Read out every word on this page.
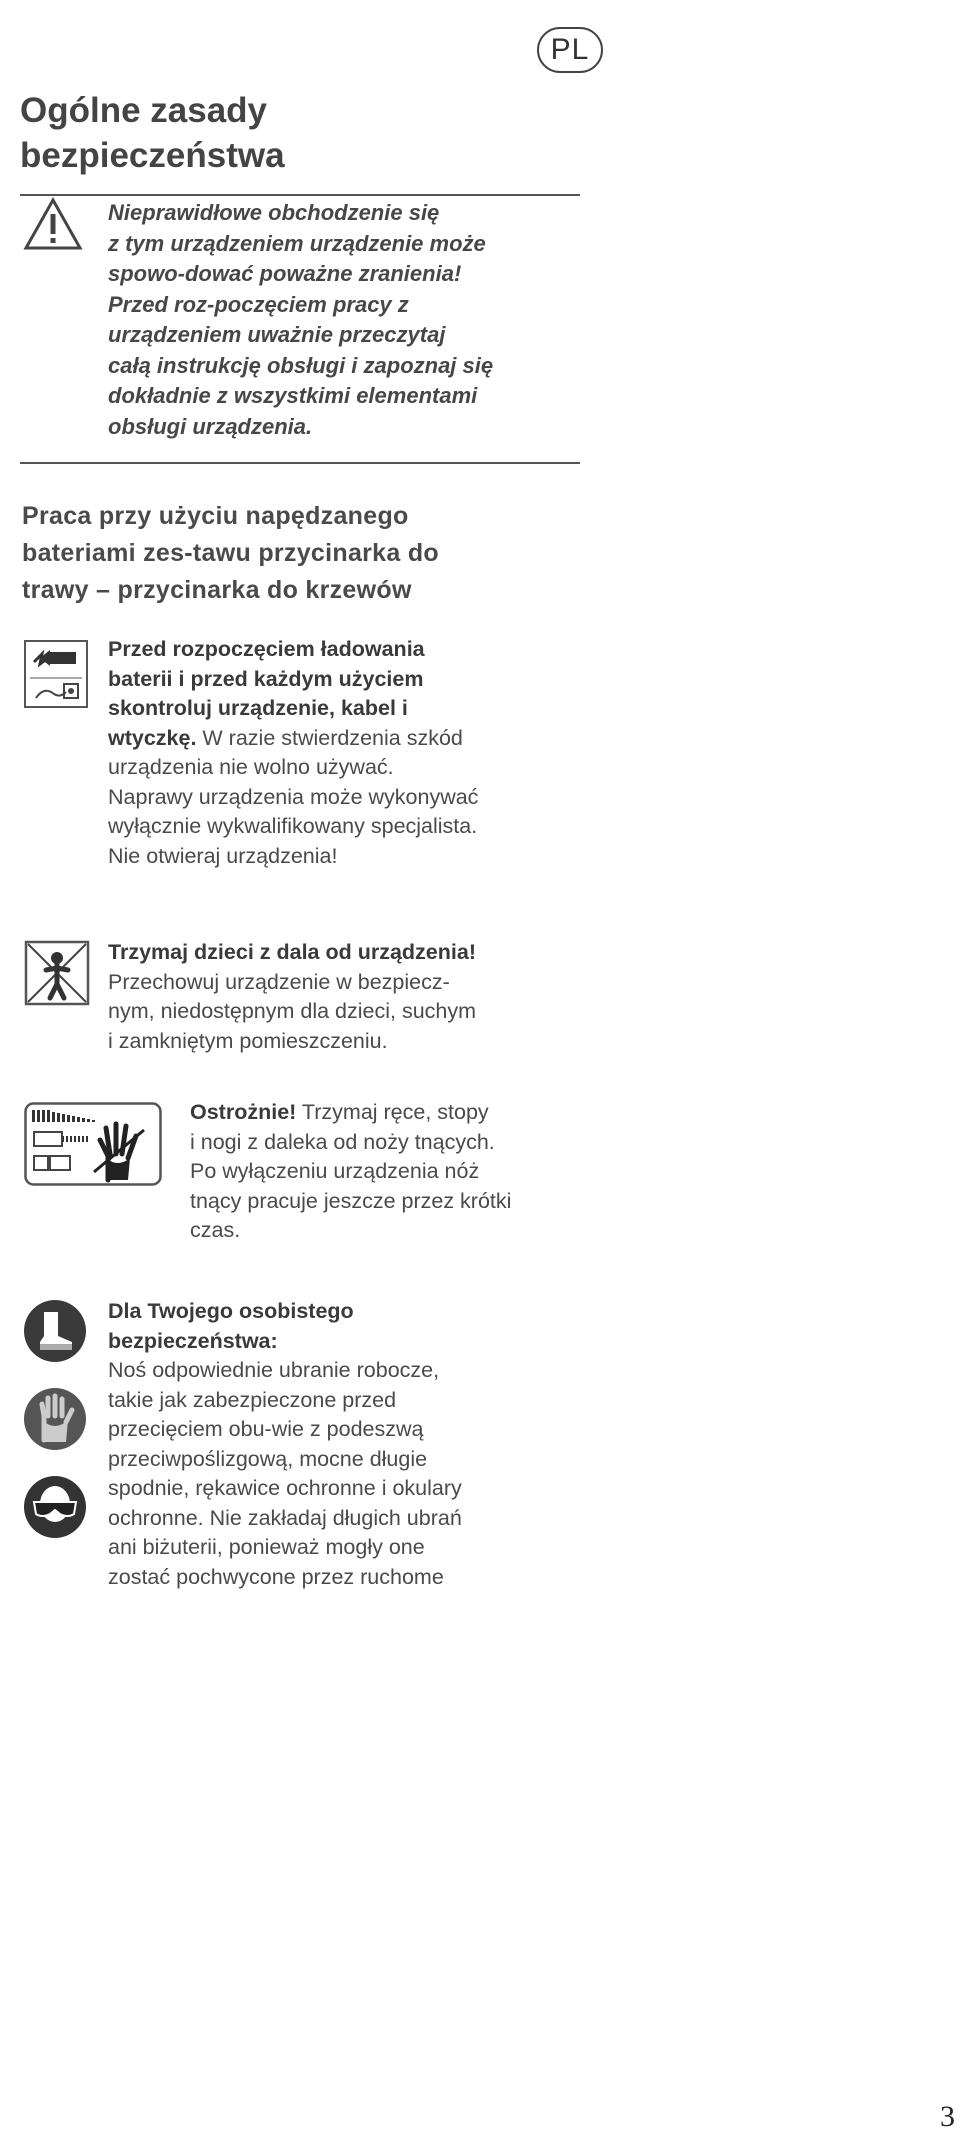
PL
Ogólne zasady
bezpieczeństwa
Nieprawidłowe obchodzenie się
z tym urządzeniem urządzenie może
spowo-dować poważne zranienia!
Przed roz-poczęciem pracy z
urządzeniem uważnie przeczytaj
całą instrukcję obsługi i zapoznaj się
dokładnie z wszystkimi elementami
obsługi urządzenia.
Praca przy użyciu napędzanego
bateriami zes-tawu przycinarka do
trawy – przycinarka do krzewów
Przed rozpoczęciem ładowania
baterii i przed każdym użyciem
skontroluj urządzenie, kabel i
wtyczkę. W razie stwierdzenia szkód
urządzenia nie wolno używać.
Naprawy urządzenia może wykonywać
wyłącznie wykwalifikowany specjalista.
Nie otwieraj urządzenia!
Trzymaj dzieci z dala od urządzenia!
Przechowuj urządzenie w bezpiecz-
nym, niedostępnym dla dzieci, suchym
i zamkniętym pomieszczeniu.
Ostrożnie! Trzymaj ręce, stopy
i nogi z daleka od noży tnących.
Po wyłączeniu urządzenia nóż
tnący pracuje jeszcze przez krótki
czas.
Dla Twojego osobistego
bezpieczeństwa:
Noś odpowiednie ubranie robocze,
takie jak zabezpieczone przed
przecięciem obu-wie z podeszwą
przeciwpoślizgową, mocne długie
spodnie, rękawice ochronne i okulary
ochronne. Nie zakładaj długich ubrań
ani biżuterii, ponieważ mogły one
zostać pochwycone przez ruchome
3
